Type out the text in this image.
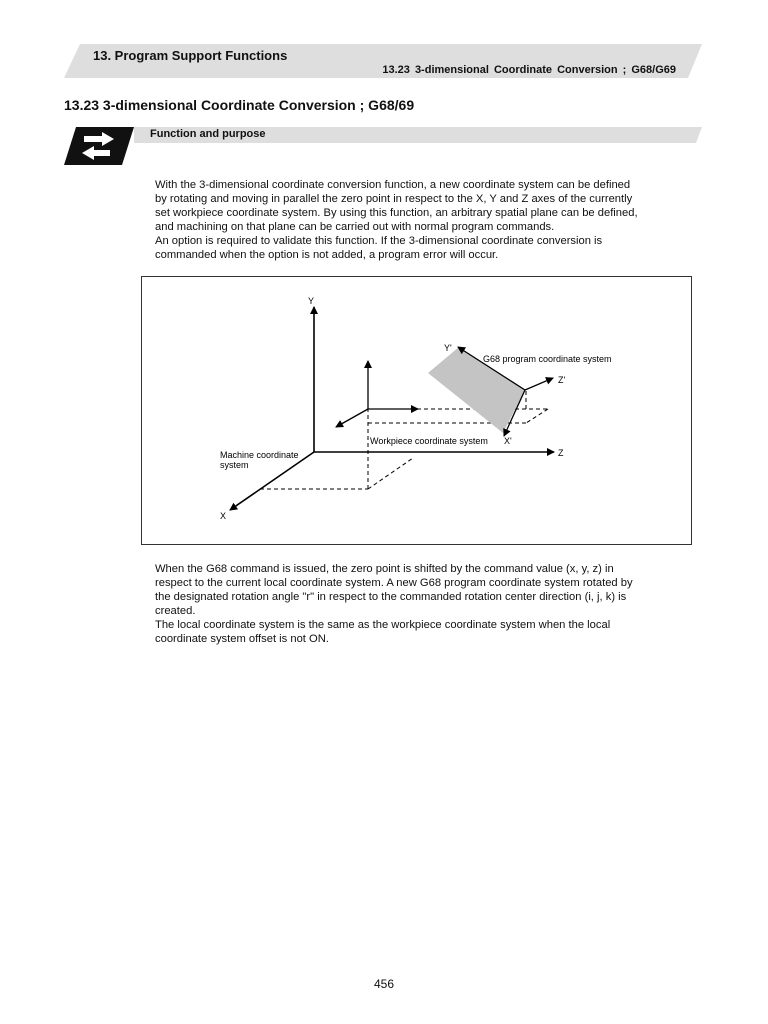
13. Program Support Functions
13.23 3-dimensional Coordinate Conversion ; G68/G69
13.23 3-dimensional Coordinate Conversion ; G68/69
Function and purpose

With the 3-dimensional coordinate conversion function, a new coordinate system can be defined
by rotating and moving in parallel the zero point in respect to the X, Y and Z axes of the currently
set workpiece coordinate system. By using this function, an arbitrary spatial plane can be defined,
and machining on that plane can be carried out with normal program commands.
An option is required to validate this function. If the 3-dimensional coordinate conversion is
commanded when the option is not added, a program error will occur.

Y
Z
X
Machine coordinate
system
Workpiece coordinate system
G68 program coordinate system
Y'
Z'
X'

When the G68 command is issued, the zero point is shifted by the command value (x, y, z) in
respect to the current local coordinate system. A new G68 program coordinate system rotated by
the designated rotation angle "r" in respect to the commanded rotation center direction (i, j, k) is
created.
The local coordinate system is the same as the workpiece coordinate system when the local
coordinate system offset is not ON.

456
